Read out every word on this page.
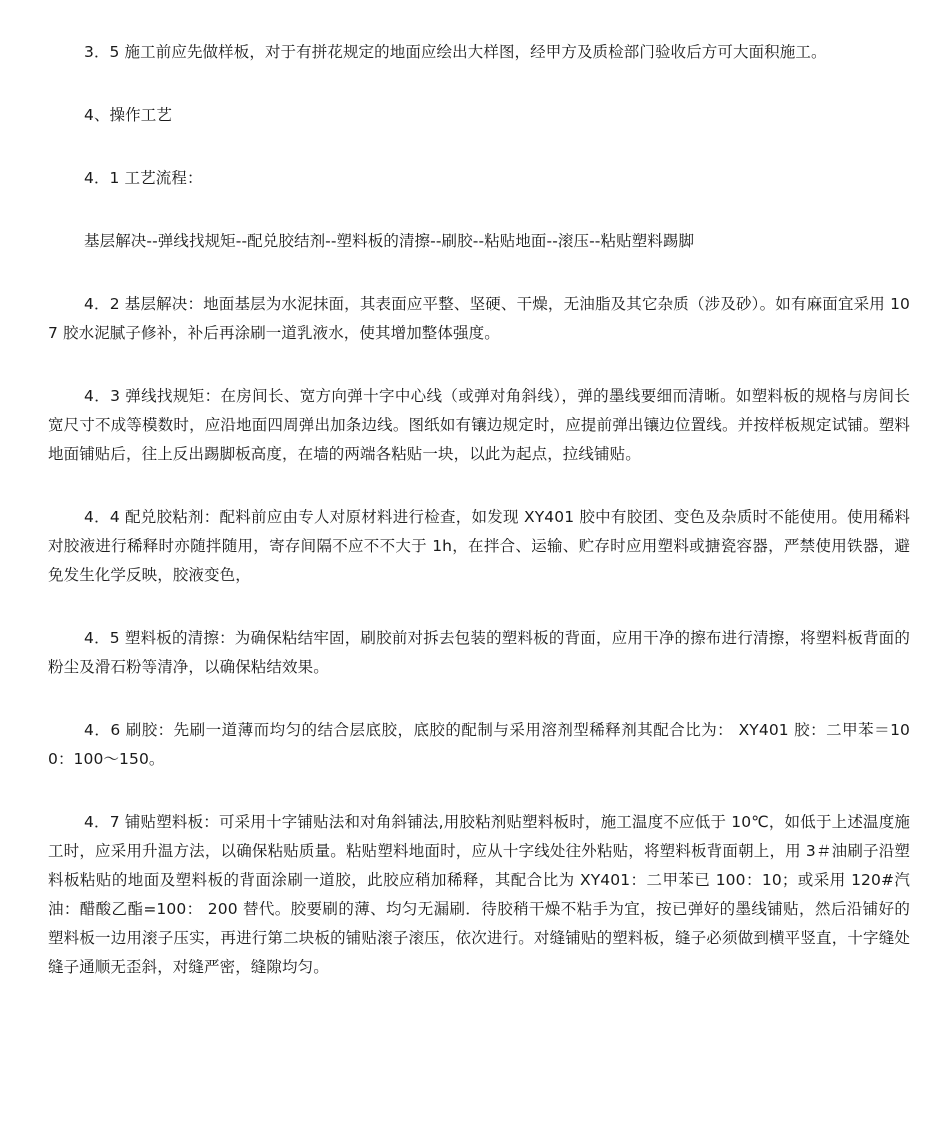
3．5 施工前应先做样板，对于有拼花规定的地面应绘出大样图，经甲方及质检部门验收后方可大面积施工。

4、操作工艺

4．1 工艺流程：

基层解决--弹线找规矩--配兑胶结剂--塑料板的清擦--刷胶--粘贴地面--滚压--粘贴塑料踢脚

4．2 基层解决：地面基层为水泥抹面，其表面应平整、坚硬、干燥，无油脂及其它杂质（涉及砂）。如有麻面宜采用 107 胶水泥腻子修补，补后再涂刷一道乳液水，使其增加整体强度。

4．3 弹线找规矩：在房间长、宽方向弹十字中心线（或弹对角斜线），弹的墨线要细而清晰。如塑料板的规格与房间长宽尺寸不成等模数时，应沿地面四周弹出加条边线。图纸如有镶边规定时，应提前弹出镶边位置线。并按样板规定试铺。塑料地面铺贴后，往上反出踢脚板高度，在墙的两端各粘贴一块，以此为起点，拉线铺贴。

4．4 配兑胶粘剂：配料前应由专人对原材料进行检查，如发现 XY401 胶中有胶团、变色及杂质时不能使用。使用稀料对胶液进行稀释时亦随拌随用，寄存间隔不应不不大于 1h，在拌合、运输、贮存时应用塑料或搪瓷容器，严禁使用铁器，避免发生化学反映，胶液变色，

4．5 塑料板的清擦：为确保粘结牢固，刷胶前对拆去包装的塑料板的背面，应用干净的擦布进行清擦，将塑料板背面的粉尘及滑石粉等清净，以确保粘结效果。

4．6 刷胶：先刷一道薄而均匀的结合层底胶，底胶的配制与采用溶剂型稀释剂其配合比为： XY401 胶：二甲苯＝100：100～150。

4．7 铺贴塑料板：可采用十字铺贴法和对角斜铺法,用胶粘剂贴塑料板时，施工温度不应低于 10℃，如低于上述温度施工时，应采用升温方法，以确保粘贴质量。粘贴塑料地面时，应从十字线处往外粘贴，将塑料板背面朝上，用 3＃油刷子沿塑料板粘贴的地面及塑料板的背面涂刷一道胶，此胶应稍加稀释，其配合比为 XY401：二甲苯已 100：10；或采用 120#汽油：醋酸乙酯=100： 200 替代。胶要刷的薄、均匀无漏刷．待胶稍干燥不粘手为宜，按已弹好的墨线铺贴，然后沿铺好的塑料板一边用滚子压实，再进行第二块板的铺贴滚子滚压，依次进行。对缝铺贴的塑料板，缝子必须做到横平竖直，十字缝处缝子通顺无歪斜，对缝严密，缝隙均匀。
